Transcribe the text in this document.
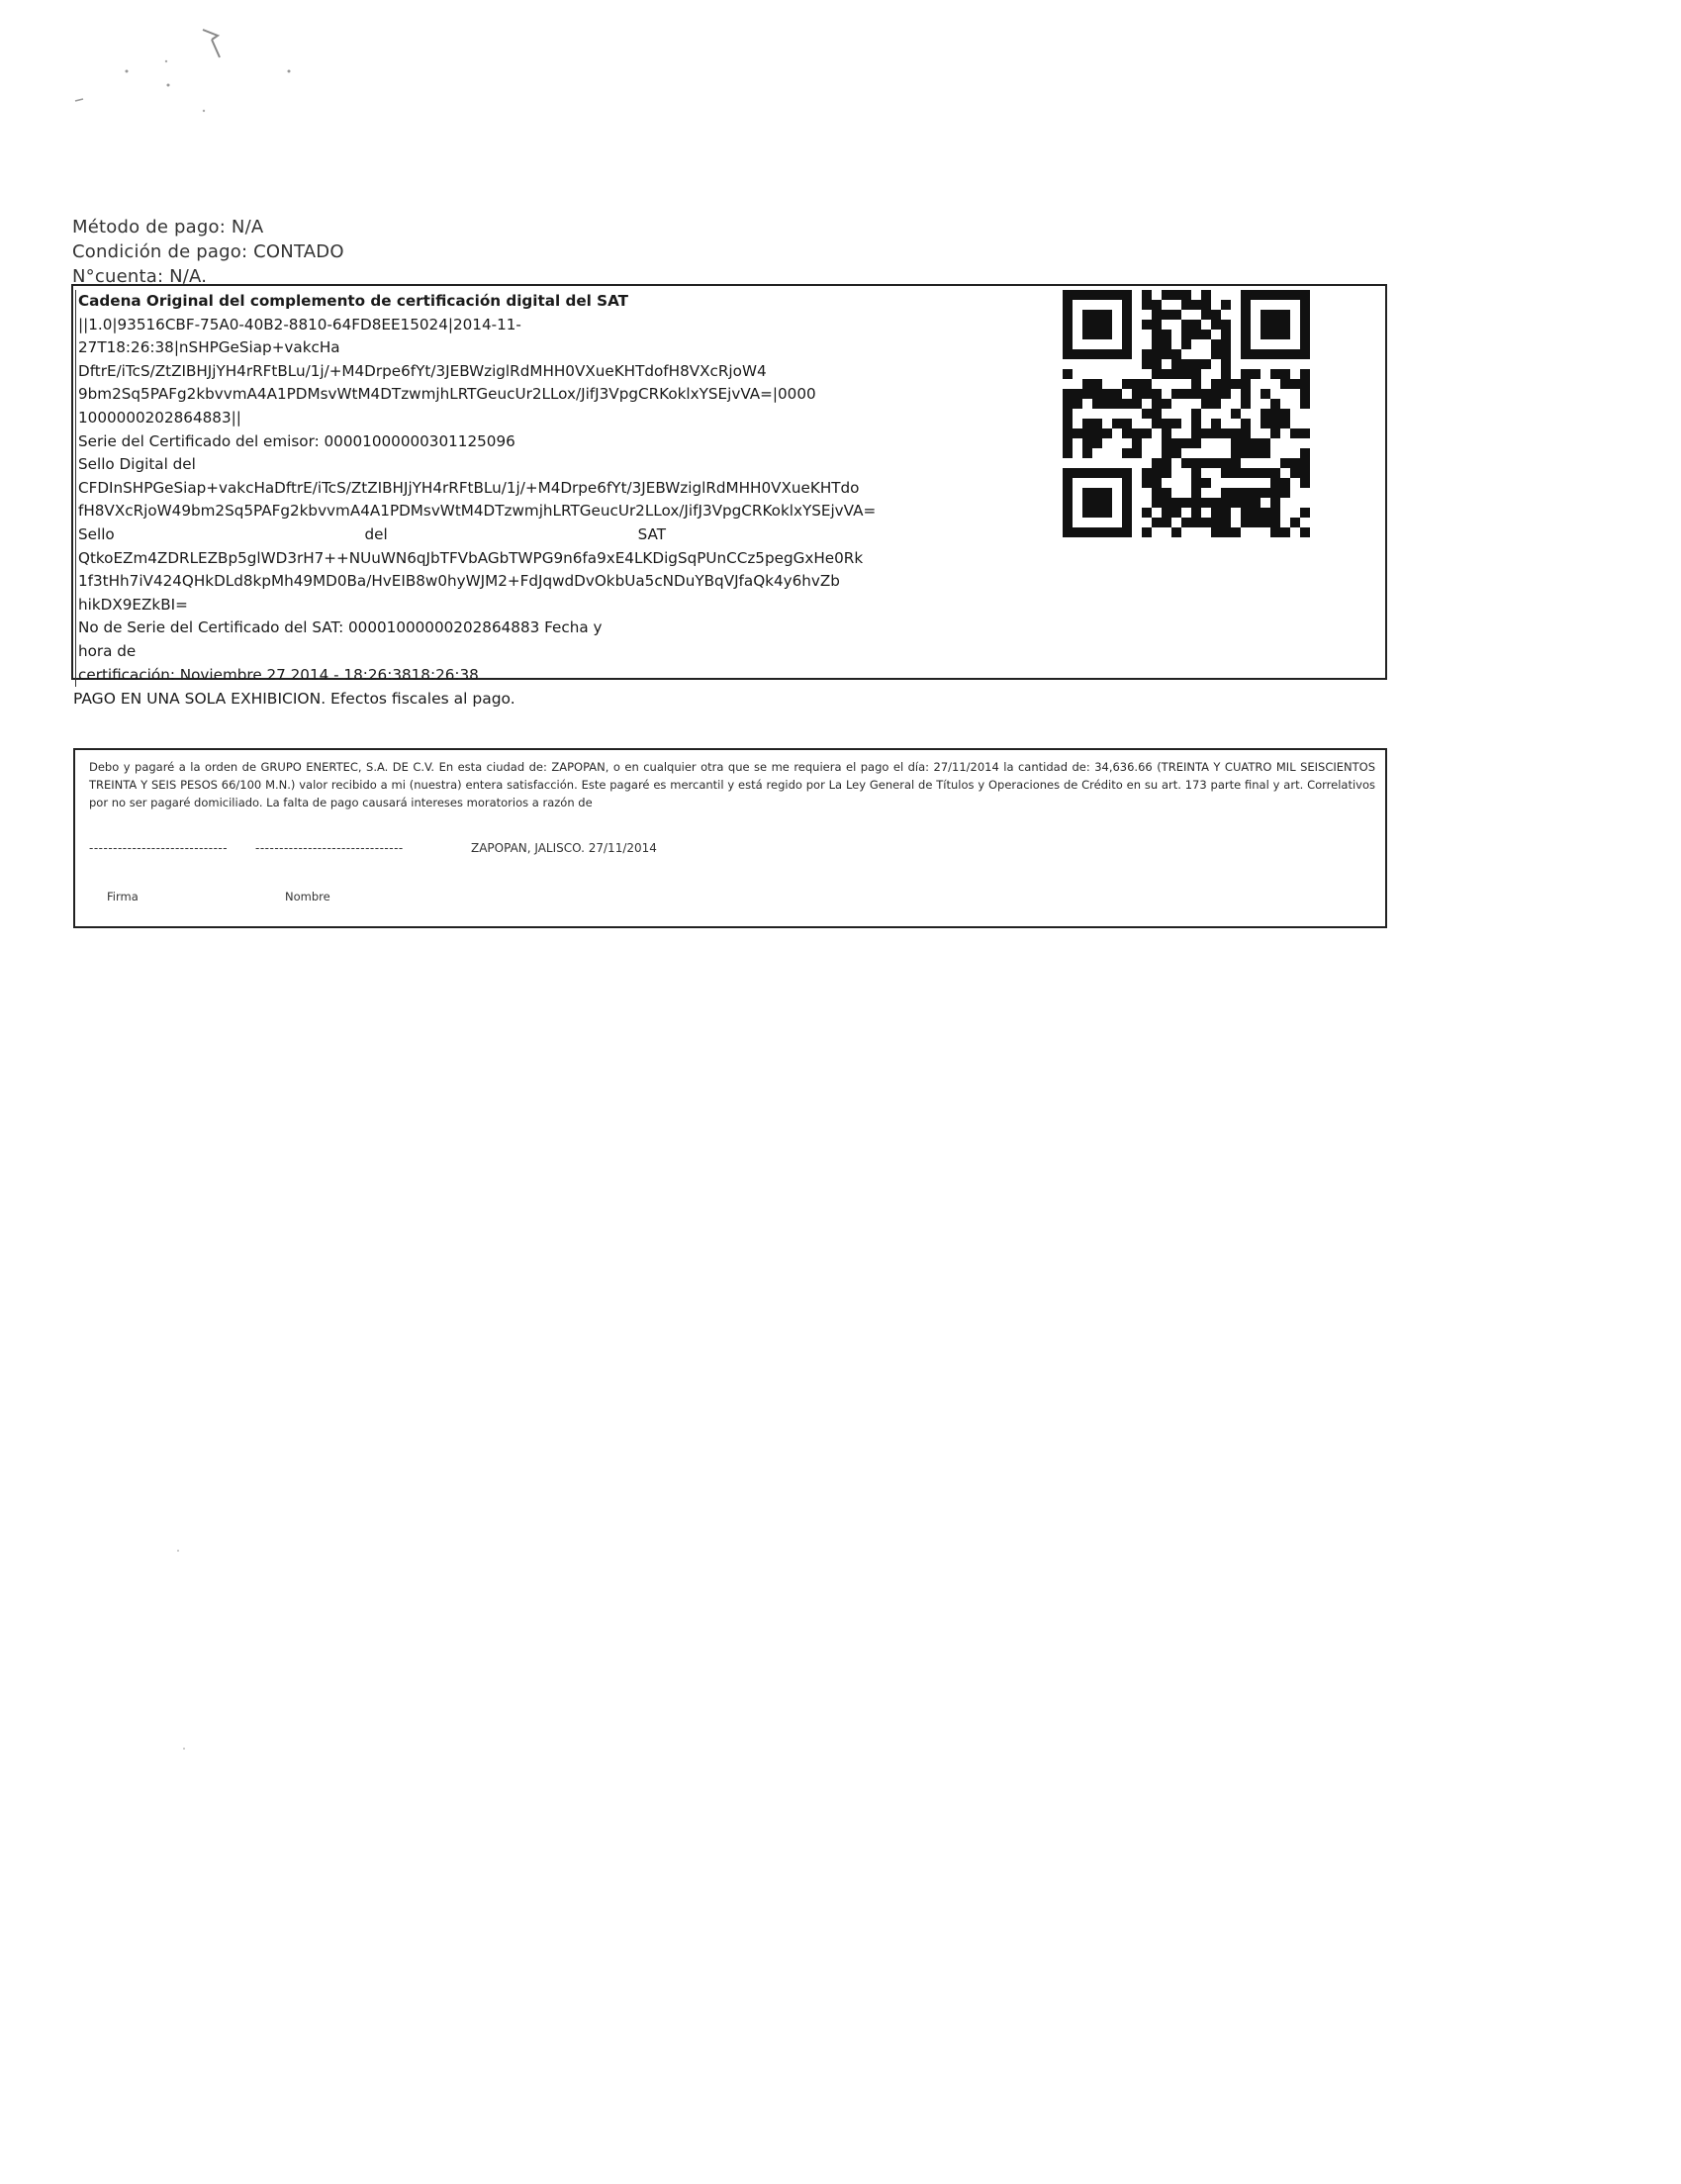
Método de pago: N/A
Condición de pago: CONTADO
N°cuenta: N/A.
Cadena Original del complemento de certificación digital del SAT
||1.0|93516CBF-75A0-40B2-8810-64FD8EE15024|2014-11-
27T18:26:38|nSHPGeSiap+vakcHa
DftrE/iTcS/ZtZIBHJjYH4rRFtBLu/1j/+M4Drpe6fYt/3JEBWziglRdMHH0VXueKHTdofH8VXcRjoW4
9bm2Sq5PAFg2kbvvmA4A1PDMsvWtM4DTzwmjhLRTGeucUr2LLox/JifJ3VpgCRKoklxYSEjvVA=|0000
1000000202864883||
Serie del Certificado del emisor: 00001000000301125096
Sello Digital del
CFDInSHPGeSiap+vakcHaDftrE/iTcS/ZtZIBHJjYH4rRFtBLu/1j/+M4Drpe6fYt/3JEBWziglRdMHH0VXueKHTdo
fH8VXcRjoW49bm2Sq5PAFg2kbvvmA4A1PDMsvWtM4DTzwmjhLRTGeucUr2LLox/JifJ3VpgCRKoklxYSEjvVA=
Sello	del	SAT
QtkoEZm4ZDRLEZBp5glWD3rH7++NUuWN6qJbTFVbAGbTWPG9n6fa9xE4LKDigSqPUnCCz5pegGxHe0Rk
1f3tHh7iV424QHkDLd8kpMh49MD0Ba/HvEIB8w0hyWJM2+FdJqwdDvOkbUa5cNDuYBqVJfaQk4y6hvZb
hikDX9EZkBI=
No de Serie del Certificado del SAT: 00001000000202864883 Fecha y
hora de
certificación: Noviembre 27 2014 - 18:26:3818:26:38
PAGO EN UNA SOLA EXHIBICION. Efectos fiscales al pago.
Debo y pagaré a la orden de GRUPO ENERTEC, S.A. DE C.V. En esta ciudad de: ZAPOPAN, o en cualquier otra que se me requiera el pago el día: 27/11/2014 la cantidad de: 34,636.66 (TREINTA Y CUATRO MIL SEISCIENTOS TREINTA Y SEIS PESOS 66/100 M.N.) valor recibido a mi (nuestra) entera satisfacción. Este pagaré es mercantil y está regido por La Ley General de Títulos y Operaciones de Crédito en su art. 173 parte final y art. Correlativos por no ser pagaré domiciliado. La falta de pago causará intereses moratorios a razón de
----------------------------- -------------------------------	ZAPOPAN, JALISCO. 27/11/2014
Firma	Nombre
